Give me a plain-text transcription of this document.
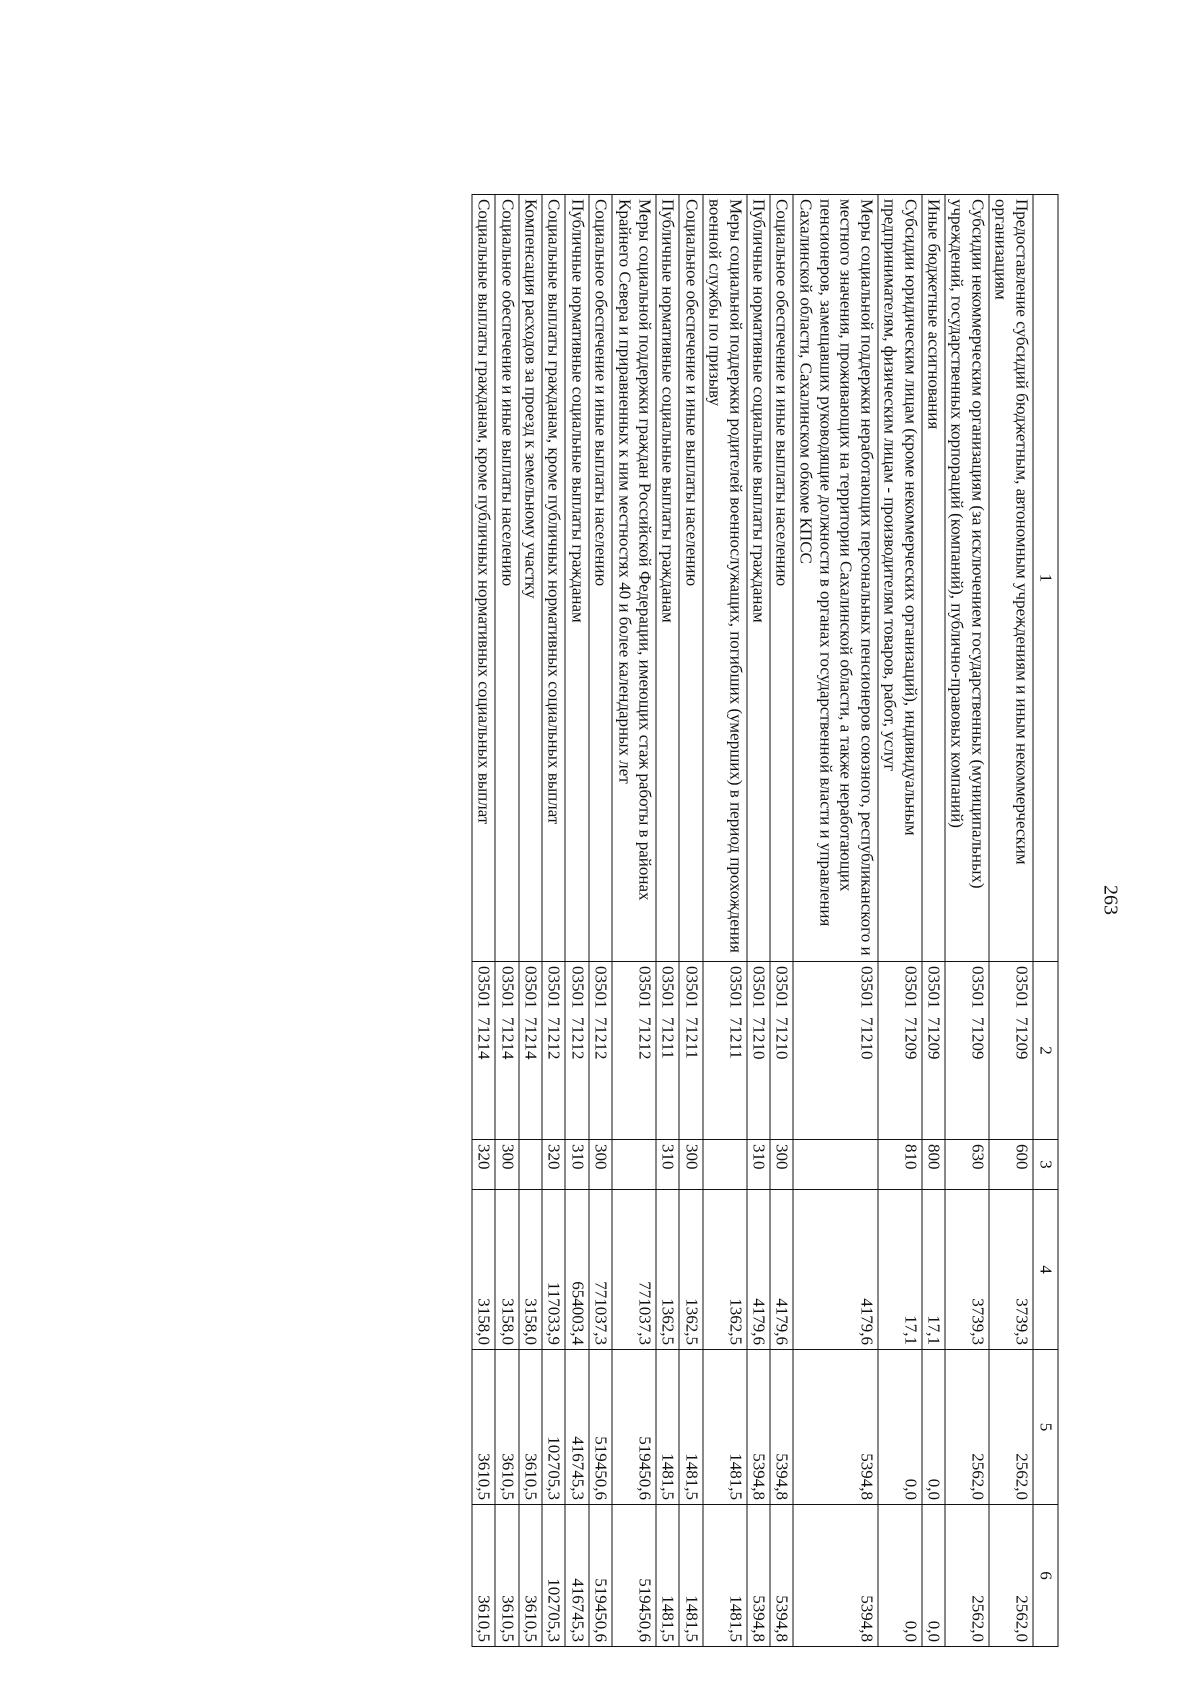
263
1	2	3	4	5	6
Предоставление субсидий бюджетным, автономным учреждениям и иным некоммерческим организациям	03501  71209	600	3739,3	2562,0	2562,0
Субсидии некоммерческим организациям (за исключением государственных (муниципальных) учреждений, государственных корпораций (компаний), публично-правовых компаний)	03501  71209	630	3739,3	2562,0	2562,0
Иные бюджетные ассигнования	03501  71209	800	17,1	0,0	0,0
Субсидии юридическим лицам (кроме некоммерческих организаций), индивидуальным предпринимателям, физическим лицам - производителям товаров, работ, услуг	03501  71209	810	17,1	0,0	0,0
Меры социальной поддержки неработающих персональных пенсионеров союзного, республиканского и местного значения, проживающих на территории Сахалинской области, а также неработающих пенсионеров, замещавших руководящие должности в органах государственной власти и управления Сахалинской области, Сахалинском обкоме КПСС	03501  71210		4179,6	5394,8	5394,8
Социальное обеспечение и иные выплаты населению	03501  71210	300	4179,6	5394,8	5394,8
Публичные нормативные социальные выплаты гражданам	03501  71210	310	4179,6	5394,8	5394,8
Меры социальной поддержки родителей военнослужащих, погибших (умерших) в период прохождения военной службы по призыву	03501  71211		1362,5	1481,5	1481,5
Социальное обеспечение и иные выплаты населению	03501  71211	300	1362,5	1481,5	1481,5
Публичные нормативные социальные выплаты гражданам	03501  71211	310	1362,5	1481,5	1481,5
Меры социальной поддержки граждан Российской Федерации, имеющих стаж работы в районах Крайнего Севера и приравненных к ним местностях 40 и более календарных лет	03501  71212		771037,3	519450,6	519450,6
Социальное обеспечение и иные выплаты населению	03501  71212	300	771037,3	519450,6	519450,6
Публичные нормативные социальные выплаты гражданам	03501  71212	310	654003,4	416745,3	416745,3
Социальные выплаты гражданам, кроме публичных нормативных социальных выплат	03501  71212	320	117033,9	102705,3	102705,3
Компенсация расходов за проезд к земельному участку	03501  71214		3158,0	3610,5	3610,5
Социальное обеспечение и иные выплаты населению	03501  71214	300	3158,0	3610,5	3610,5
Социальные выплаты гражданам, кроме публичных нормативных социальных выплат	03501  71214	320	3158,0	3610,5	3610,5
